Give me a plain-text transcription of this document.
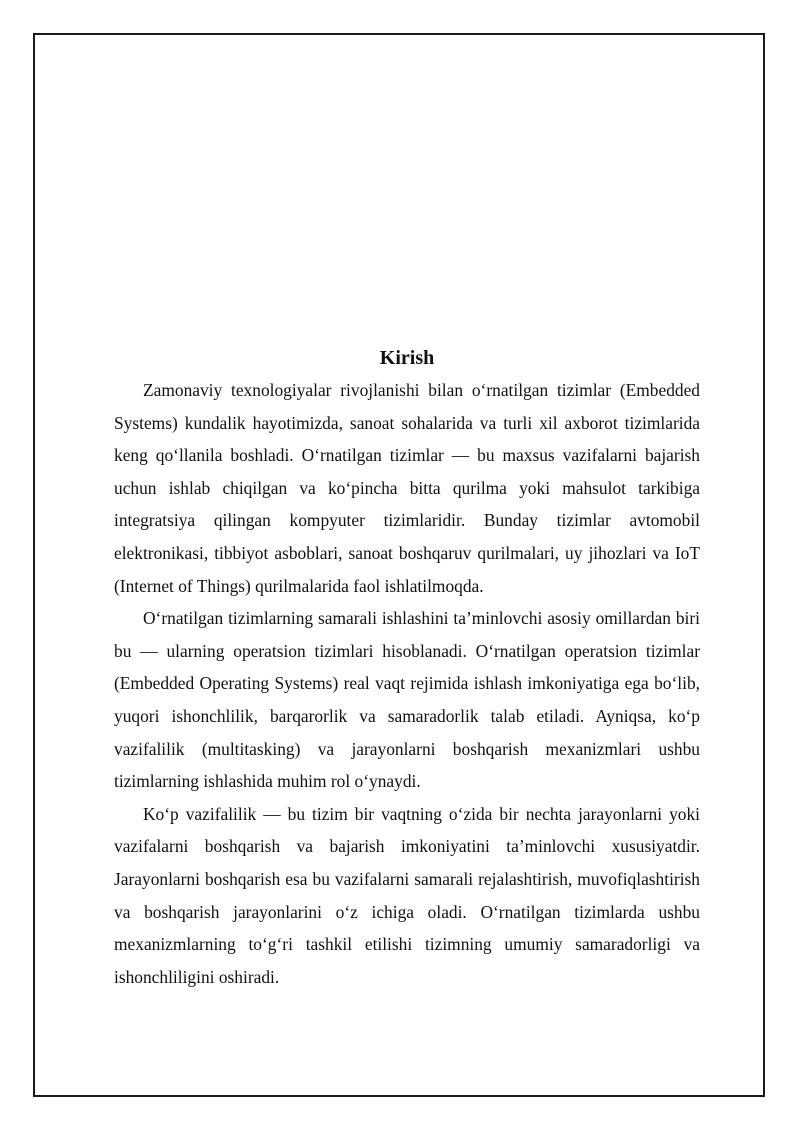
Kirish

Zamonaviy texnologiyalar rivojlanishi bilan o‘rnatilgan tizimlar (Embedded Systems) kundalik hayotimizda, sanoat sohalarida va turli xil axborot tizimlarida keng qo‘llanila boshladi. O‘rnatilgan tizimlar — bu maxsus vazifalarni bajarish uchun ishlab chiqilgan va ko‘pincha bitta qurilma yoki mahsulot tarkibiga integratsiya qilingan kompyuter tizimlaridir. Bunday tizimlar avtomobil elektronikasi, tibbiyot asboblari, sanoat boshqaruv qurilmalari, uy jihozlari va IoT (Internet of Things) qurilmalarida faol ishlatilmoqda.

O‘rnatilgan tizimlarning samarali ishlashini ta’minlovchi asosiy omillardan biri bu — ularning operatsion tizimlari hisoblanadi. O‘rnatilgan operatsion tizimlar (Embedded Operating Systems) real vaqt rejimida ishlash imkoniyatiga ega bo‘lib, yuqori ishonchlilik, barqarorlik va samaradorlik talab etiladi. Ayniqsa, ko‘p vazifalilik (multitasking) va jarayonlarni boshqarish mexanizmlari ushbu tizimlarning ishlashida muhim rol o‘ynaydi.

Ko‘p vazifalilik — bu tizim bir vaqtning o‘zida bir nechta jarayonlarni yoki vazifalarni boshqarish va bajarish imkoniyatini ta’minlovchi xususiyatdir. Jarayonlarni boshqarish esa bu vazifalarni samarali rejalashtirish, muvofiqlashtirish va boshqarish jarayonlarini o‘z ichiga oladi. O‘rnatilgan tizimlarda ushbu mexanizmlarning to‘g‘ri tashkil etilishi tizimning umumiy samaradorligi va ishonchliligini oshiradi.
